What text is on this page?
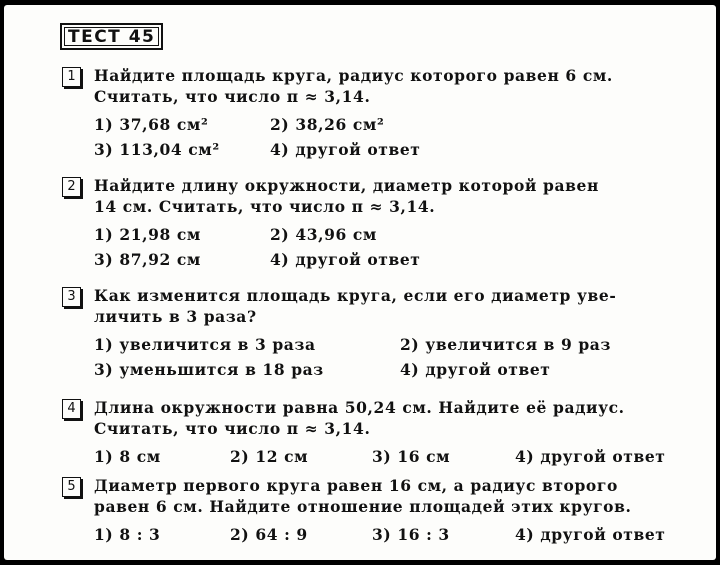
ТЕСТ 45
1	Найдите площадь круга, радиус которого равен 6 см.
Считать, что число π ≈ 3,14.
1) 37,68 см²	2) 38,26 см²
3) 113,04 см²	4) другой ответ
2	Найдите длину окружности, диаметр которой равен
14 см. Считать, что число π ≈ 3,14.
1) 21,98 см	2) 43,96 см
3) 87,92 см	4) другой ответ
3	Как изменится площадь круга, если его диаметр уве-
личить в 3 раза?
1) увеличится в 3 раза	2) увеличится в 9 раз
3) уменьшится в 18 раз	4) другой ответ
4	Длина окружности равна 50,24 см. Найдите её радиус.
Считать, что число π ≈ 3,14.
1) 8 см	2) 12 см	3) 16 см	4) другой ответ
5	Диаметр первого круга равен 16 см, а радиус второго
равен 6 см. Найдите отношение площадей этих кругов.
1) 8 : 3	2) 64 : 9	3) 16 : 3	4) другой ответ
